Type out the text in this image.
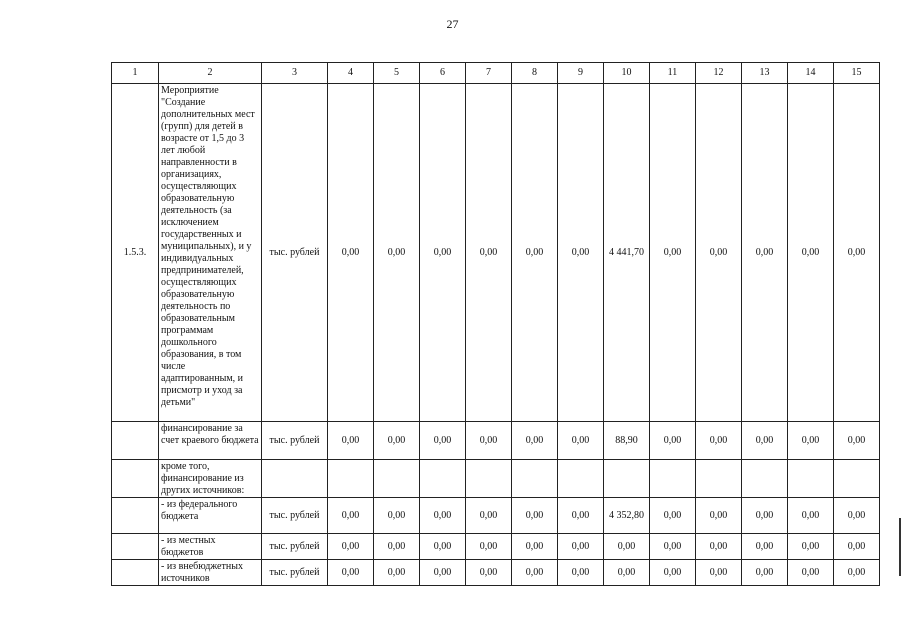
27
1	2	3	4	5	6	7	8	9	10	11	12	13	14	15
1.5.3.	Мероприятие "Создание дополнительных мест (групп) для детей в возрасте от 1,5 до 3 лет любой направленности в организациях, осуществляющих образовательную деятельность (за исключением государственных и муниципальных), и у индивидуальных предпринимателей, осуществляющих образовательную деятельность по образовательным программам дошкольного образования, в том числе адаптированным, и присмотр и уход за детьми"	тыс. рублей	0,00	0,00	0,00	0,00	0,00	0,00	4 441,70	0,00	0,00	0,00	0,00	0,00
	финансирование за счет краевого бюджета	тыс. рублей	0,00	0,00	0,00	0,00	0,00	0,00	88,90	0,00	0,00	0,00	0,00	0,00
	кроме того, финансирование из других источников:													
	- из федерального бюджета	тыс. рублей	0,00	0,00	0,00	0,00	0,00	0,00	4 352,80	0,00	0,00	0,00	0,00	0,00
	- из местных бюджетов	тыс. рублей	0,00	0,00	0,00	0,00	0,00	0,00	0,00	0,00	0,00	0,00	0,00	0,00
	- из внебюджетных источников	тыс. рублей	0,00	0,00	0,00	0,00	0,00	0,00	0,00	0,00	0,00	0,00	0,00	0,00
